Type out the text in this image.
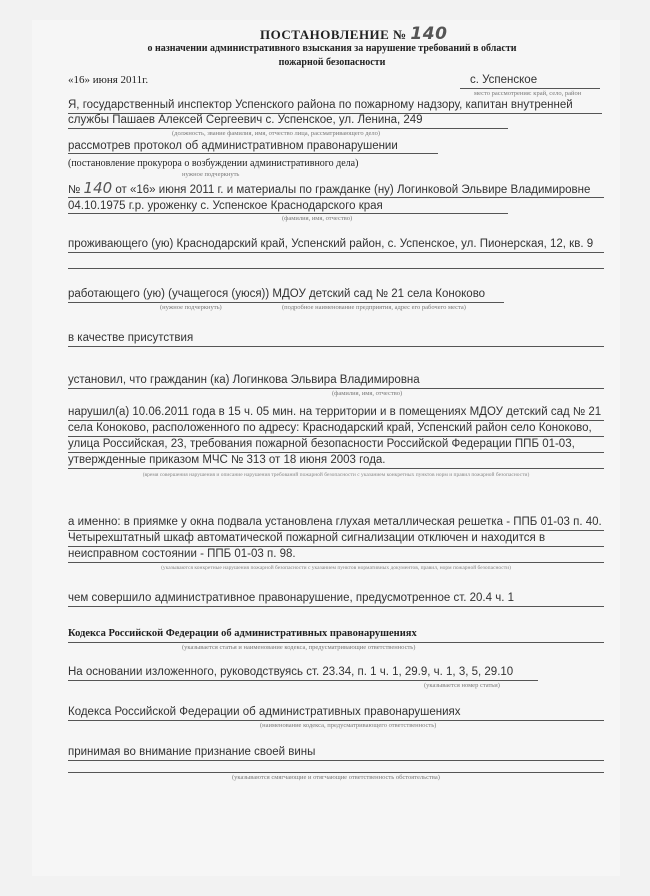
ПОСТАНОВЛЕНИЕ № 140
о назначении административного взыскания за нарушение требований в области пожарной безопасности
«16» июня 2011г.	с. Успенское
место рассмотрения: край, село, район
Я, государственный инспектор Успенского района по пожарному надзору, капитан внутренней службы Пашаев Алексей Сергеевич с. Успенское, ул. Ленина, 249
(должность, звание фамилия, имя, отчество лица, рассматривающего дело)
рассмотрев протокол об административном правонарушении
(постановление прокурора о возбуждении административного дела)
нужное подчеркнуть
№ 140 от «16» июня 2011 г. и материалы по гражданке (ну) Логинковой Эльвире Владимировне 04.10.1975 г.р. уроженку с. Успенское Краснодарского края
(фамилия, имя, отчество)
проживающего (ую) Краснодарский край, Успенский район, с. Успенское, ул. Пионерская, 12, кв. 9
работающего (ую) (учащегося (уюся)) МДОУ детский сад № 21 села Коноково
(нужное подчеркнуть)	(подробное наименование предприятия, адрес его рабочего места)
в качестве присутствия
установил, что гражданин (ка) Логинкова Эльвира Владимировна
(фамилия, имя, отчество)
нарушил(а) 10.06.2011 года в 15 ч. 05 мин. на территории и в помещениях МДОУ детский сад № 21 села Коноково, расположенного по адресу: Краснодарский край, Успенский район село Коноково, улица Российская, 23, требования пожарной безопасности Российской Федерации ППБ 01-03, утвержденные приказом МЧС № 313 от 18 июня 2003 года.
(время совершения нарушения и описание нарушения требований пожарной безопасности с указанием конкретных пунктов норм и правил пожарной безопасности)
а именно: в приямке у окна подвала установлена глухая металлическая решетка - ППБ 01-03 п. 40. Четырехштатный шкаф автоматической пожарной сигнализации отключен и находится в неисправном состоянии - ППБ 01-03 п. 98.
(указываются конкретные нарушения пожарной безопасности с указанием пунктов нормативных документов, правил, норм пожарной безопасности)
чем совершило административное правонарушение, предусмотренное ст. 20.4 ч. 1
Кодекса Российской Федерации об административных правонарушениях
(указывается статья и наименование кодекса, предусматривающие ответственность)
На основании изложенного, руководствуясь ст. 23.34, п. 1 ч. 1, 29.9, ч. 1, 3, 5, 29.10
(указывается номер статьи)
Кодекса Российской Федерации об административных правонарушениях
(наименование кодекса, предусматривающего ответственность)
принимая во внимание признание своей вины
(указываются смягчающие и отягчающие ответственность обстоятельства)
